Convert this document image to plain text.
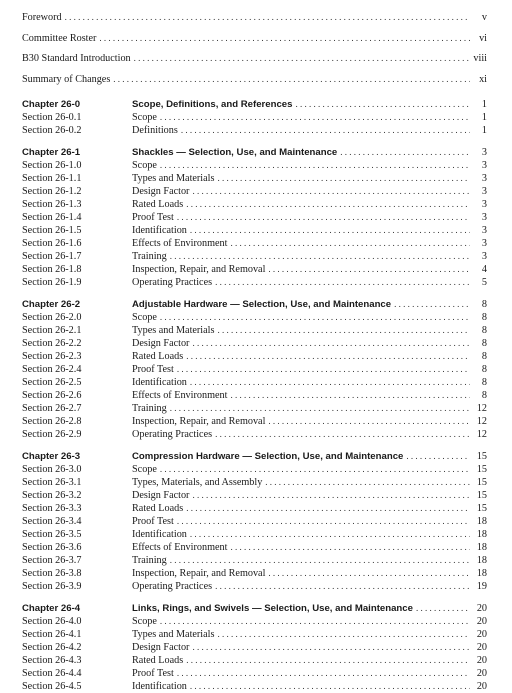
Foreword . . .	v
Committee Roster . . .	vi
B30 Standard Introduction . . .	viii
Summary of Changes . . .	xi
Chapter 26-0	Scope, Definitions, and References . . .	1
Section 26-0.1	Scope . . .	1
Section 26-0.2	Definitions . . .	1
Chapter 26-1	Shackles — Selection, Use, and Maintenance . . .	3
Section 26-1.0	Scope . . .	3
Section 26-1.1	Types and Materials . . .	3
Section 26-1.2	Design Factor . . .	3
Section 26-1.3	Rated Loads . . .	3
Section 26-1.4	Proof Test . . .	3
Section 26-1.5	Identification . . .	3
Section 26-1.6	Effects of Environment . . .	3
Section 26-1.7	Training . . .	3
Section 26-1.8	Inspection, Repair, and Removal . . .	4
Section 26-1.9	Operating Practices . . .	5
Chapter 26-2	Adjustable Hardware — Selection, Use, and Maintenance . . .	8
Section 26-2.0	Scope . . .	8
Section 26-2.1	Types and Materials . . .	8
Section 26-2.2	Design Factor . . .	8
Section 26-2.3	Rated Loads . . .	8
Section 26-2.4	Proof Test . . .	8
Section 26-2.5	Identification . . .	8
Section 26-2.6	Effects of Environment . . .	8
Section 26-2.7	Training . . .	12
Section 26-2.8	Inspection, Repair, and Removal . . .	12
Section 26-2.9	Operating Practices . . .	12
Chapter 26-3	Compression Hardware — Selection, Use, and Maintenance . . .	15
Section 26-3.0	Scope . . .	15
Section 26-3.1	Types, Materials, and Assembly . . .	15
Section 26-3.2	Design Factor . . .	15
Section 26-3.3	Rated Loads . . .	15
Section 26-3.4	Proof Test . . .	18
Section 26-3.5	Identification . . .	18
Section 26-3.6	Effects of Environment . . .	18
Section 26-3.7	Training . . .	18
Section 26-3.8	Inspection, Repair, and Removal . . .	18
Section 26-3.9	Operating Practices . . .	19
Chapter 26-4	Links, Rings, and Swivels — Selection, Use, and Maintenance . . .	20
Section 26-4.0	Scope . . .	20
Section 26-4.1	Types and Materials . . .	20
Section 26-4.2	Design Factor . . .	20
Section 26-4.3	Rated Loads . . .	20
Section 26-4.4	Proof Test . . .	20
Section 26-4.5	Identification . . .	20
